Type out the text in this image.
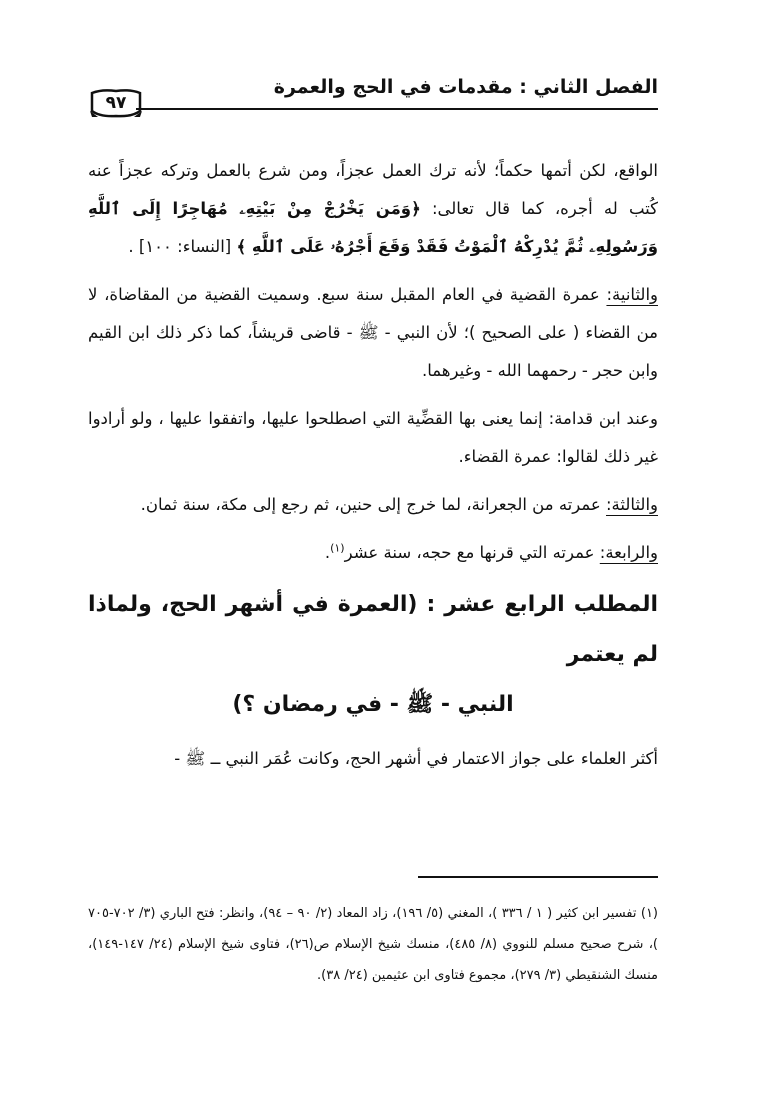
الفصل الثاني : مقدمات في الحج والعمرة
٩٧

الواقع، لكن أتمها حكماً؛ لأنه ترك العمل عجزاً، ومن شرع بالعمل وتركه عجزاً عنه كُتب له أجره، كما قال تعالى: ﴿وَمَن يَخْرُجْ مِنْ بَيْتِهِۦ مُهَاجِرًا إِلَى ٱللَّهِ وَرَسُولِهِۦ ثُمَّ يُدْرِكْهُ ٱلْمَوْتُ فَقَدْ وَقَعَ أَجْرُهُۥ عَلَى ٱللَّهِ ﴾ [النساء: ١٠٠] .

والثانية: عمرة القضية في العام المقبل سنة سبع. وسميت القضية من المقاضاة، لا من القضاء ( على الصحيح )؛ لأن النبي - ﷺ - قاضى قريشاً، كما ذكر ذلك ابن القيم وابن حجر - رحمهما الله - وغيرهما.

وعند ابن قدامة: إنما يعنى بها القضِّية التي اصطلحوا عليها، واتفقوا عليها ، ولو أرادوا غير ذلك لقالوا: عمرة القضاء.

والثالثة: عمرته من الجعرانة، لما خرج إلى حنين، ثم رجع إلى مكة، سنة ثمان.

والرابعة: عمرته التي قرنها مع حجه، سنة عشر$^{(١)}$.

المطلب الرابع عشر : (العمرة في أشهر الحج، ولماذا لم يعتمر
النبي - ﷺ - في رمضان ؟)

أكثر العلماء على جواز الاعتمار في أشهر الحج، وكانت عُمَر النبي ــ ﷺ -

(١) تفسير ابن كثير ( ١ / ٣٣٦ )، المغني (٥/ ١٩٦)، زاد المعاد (٢/ ٩٠ – ٩٤)، وانظر: فتح الباري (٣/ ٧٠٢-٧٠٥ )، شرح صحيح مسلم للنووي (٨/ ٤٨٥)، منسك شيخ الإسلام ص(٢٦)، فتاوى شيخ الإسلام (٢٤/ ١٤٧-١٤٩)، منسك الشنقيطي (٣/ ٢٧٩)، مجموع فتاوى ابن عثيمين (٢٤/ ٣٨).
